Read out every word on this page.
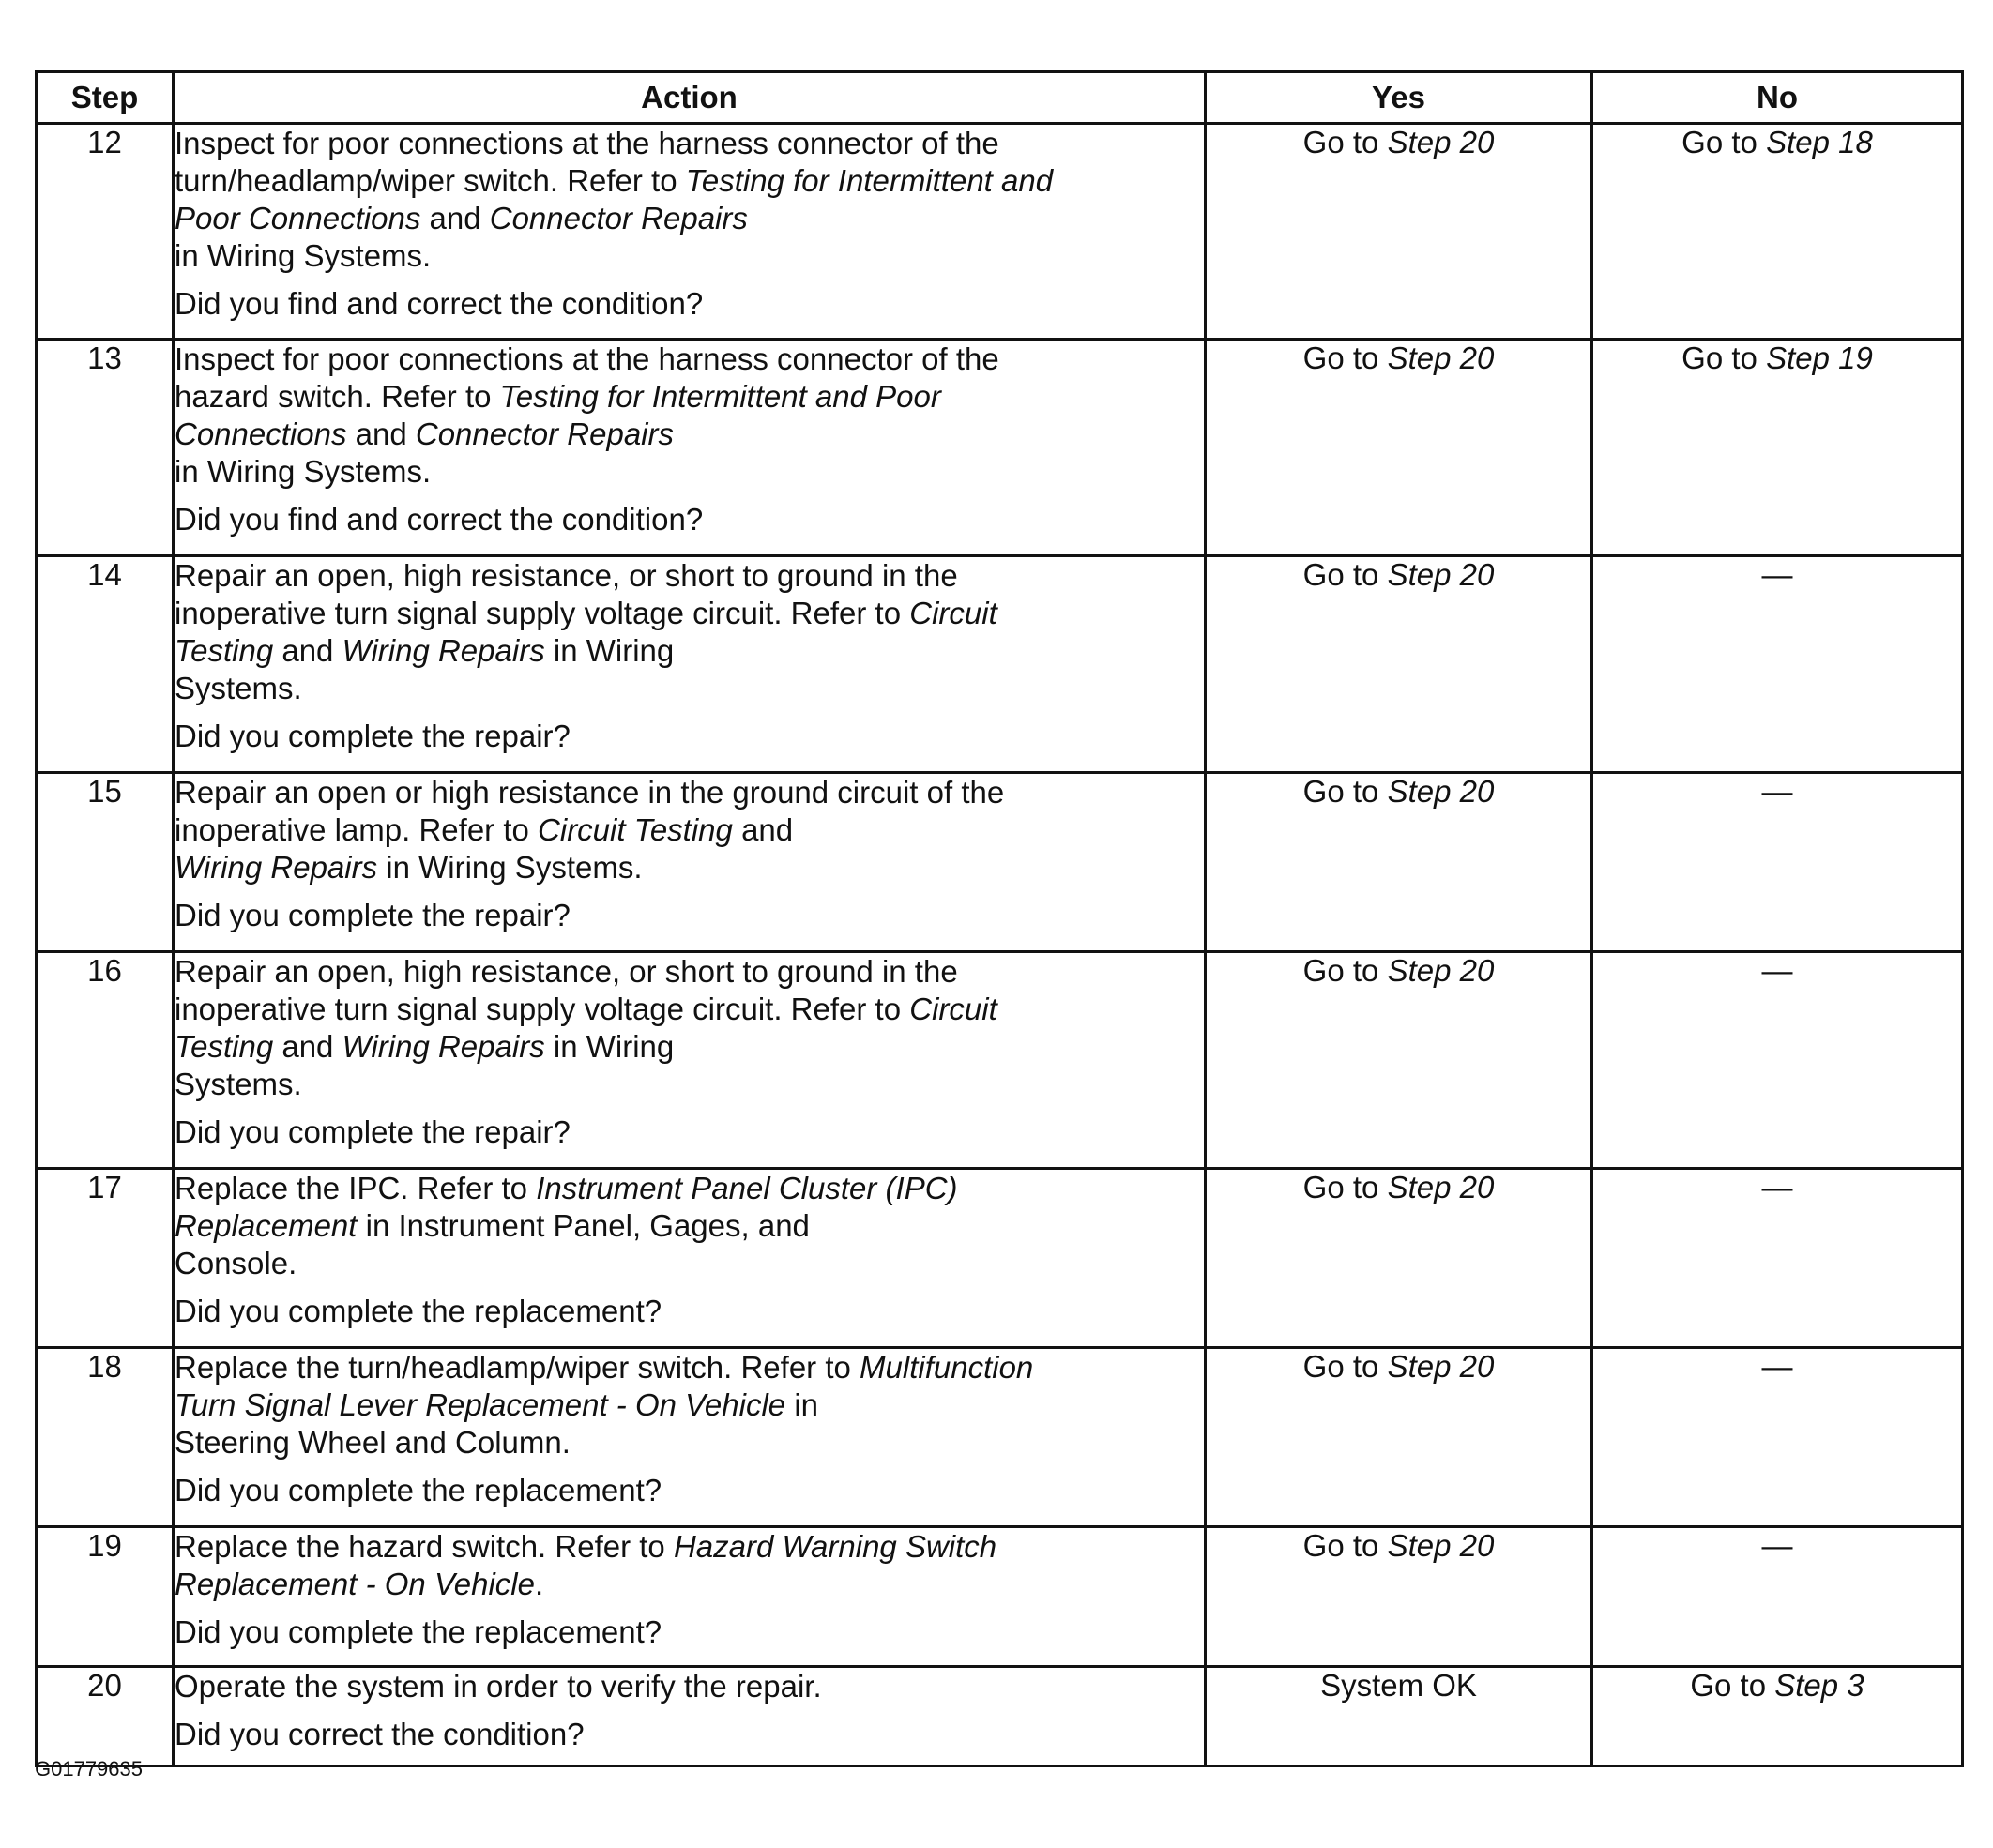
Step	Action	Yes	No
12	Inspect for poor connections at the harness connector of the
turn/headlamp/wiper switch. Refer to Testing for Intermittent and
Poor Connections and Connector Repairs
in Wiring Systems.
Did you find and correct the condition?	Go to Step 20	Go to Step 18
13	Inspect for poor connections at the harness connector of the
hazard switch. Refer to Testing for Intermittent and Poor
Connections and Connector Repairs
in Wiring Systems.
Did you find and correct the condition?	Go to Step 20	Go to Step 19
14	Repair an open, high resistance, or short to ground in the
inoperative turn signal supply voltage circuit. Refer to Circuit
Testing and Wiring Repairs in Wiring
Systems.
Did you complete the repair?	Go to Step 20	—
15	Repair an open or high resistance in the ground circuit of the
inoperative lamp. Refer to Circuit Testing and
Wiring Repairs in Wiring Systems.
Did you complete the repair?	Go to Step 20	—
16	Repair an open, high resistance, or short to ground in the
inoperative turn signal supply voltage circuit. Refer to Circuit
Testing and Wiring Repairs in Wiring
Systems.
Did you complete the repair?	Go to Step 20	—
17	Replace the IPC. Refer to Instrument Panel Cluster (IPC)
Replacement in Instrument Panel, Gages, and
Console.
Did you complete the replacement?	Go to Step 20	—
18	Replace the turn/headlamp/wiper switch. Refer to Multifunction
Turn Signal Lever Replacement - On Vehicle in
Steering Wheel and Column.
Did you complete the replacement?	Go to Step 20	—
19	Replace the hazard switch. Refer to Hazard Warning Switch
Replacement - On Vehicle.
Did you complete the replacement?	Go to Step 20	—
20	Operate the system in order to verify the repair.
Did you correct the condition?	System OK	Go to Step 3
G01779635
